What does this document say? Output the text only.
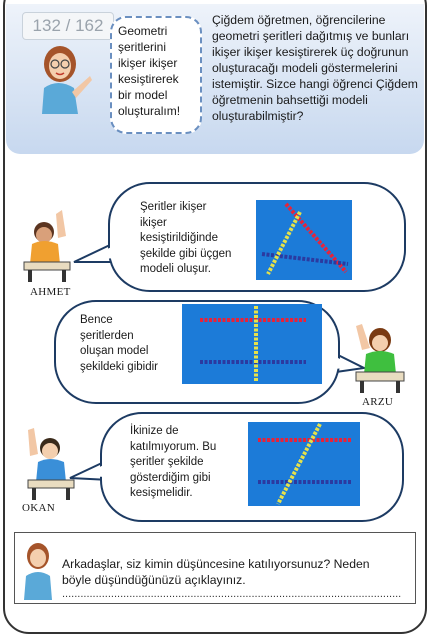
132 / 162	Geometri
şeritlerini
ikişer ikişer
kesiştirerek
bir model
oluşturalım!
Çiğdem öğretmen, öğrencilerine
geometri şeritleri dağıtmış ve bunları
ikişer ikişer kesiştirerek üç doğrunun
oluşturacağı modeli göstermelerini
istemiştir. Sizce hangi öğrenci Çiğdem
öğretmenin bahsettiği modeli
oluşturabilmiştir?
Şeritler ikişer
ikişer
kesiştirildiğinde
şekilde gibi üçgen
modeli oluşur.
Bence
şeritlerden
oluşan model
şekildeki gibidir
İkinize de
katılmıyorum. Bu
şeritler şekilde
gösterdiğim gibi
kesişmelidir.
AHMET
ARZU
OKAN
Arkadaşlar, siz kimin düşüncesine katılıyorsunuz? Neden
böyle düşündüğünüzü açıklayınız.
...............................................................................................................
